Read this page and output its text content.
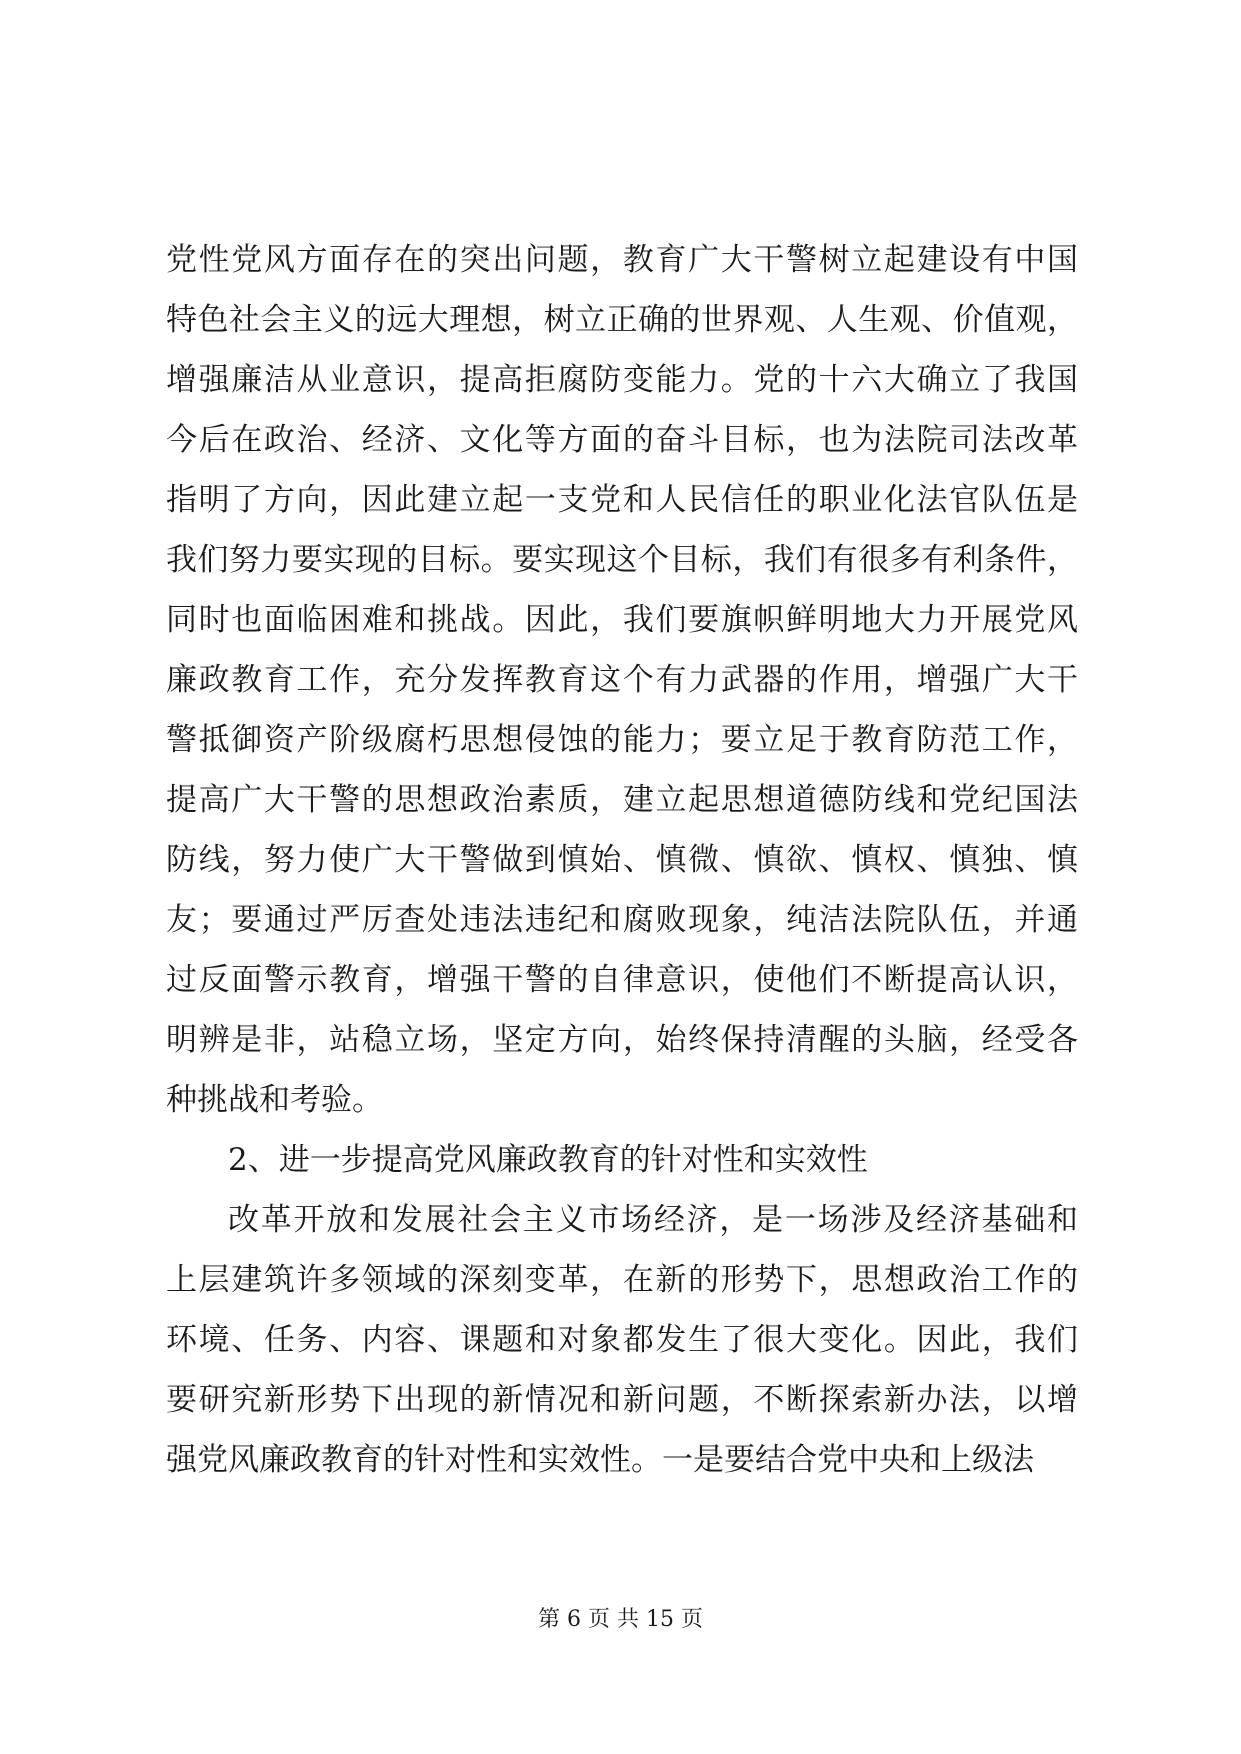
党性党风方面存在的突出问题，教育广大干警树立起建设有中国
特色社会主义的远大理想，树立正确的世界观、人生观、价值观，
增强廉洁从业意识，提高拒腐防变能力。党的十六大确立了我国
今后在政治、经济、文化等方面的奋斗目标，也为法院司法改革
指明了方向，因此建立起一支党和人民信任的职业化法官队伍是
我们努力要实现的目标。要实现这个目标，我们有很多有利条件，
同时也面临困难和挑战。因此，我们要旗帜鲜明地大力开展党风
廉政教育工作，充分发挥教育这个有力武器的作用，增强广大干
警抵御资产阶级腐朽思想侵蚀的能力；要立足于教育防范工作，
提高广大干警的思想政治素质，建立起思想道德防线和党纪国法
防线，努力使广大干警做到慎始、慎微、慎欲、慎权、慎独、慎
友；要通过严厉查处违法违纪和腐败现象，纯洁法院队伍，并通
过反面警示教育，增强干警的自律意识，使他们不断提高认识，
明辨是非，站稳立场，坚定方向，始终保持清醒的头脑，经受各
种挑战和考验。
2、进一步提高党风廉政教育的针对性和实效性
改革开放和发展社会主义市场经济，是一场涉及经济基础和
上层建筑许多领域的深刻变革，在新的形势下，思想政治工作的
环境、任务、内容、课题和对象都发生了很大变化。因此，我们
要研究新形势下出现的新情况和新问题，不断探索新办法，以增
强党风廉政教育的针对性和实效性。一是要结合党中央和上级法
第 6 页 共 15 页
